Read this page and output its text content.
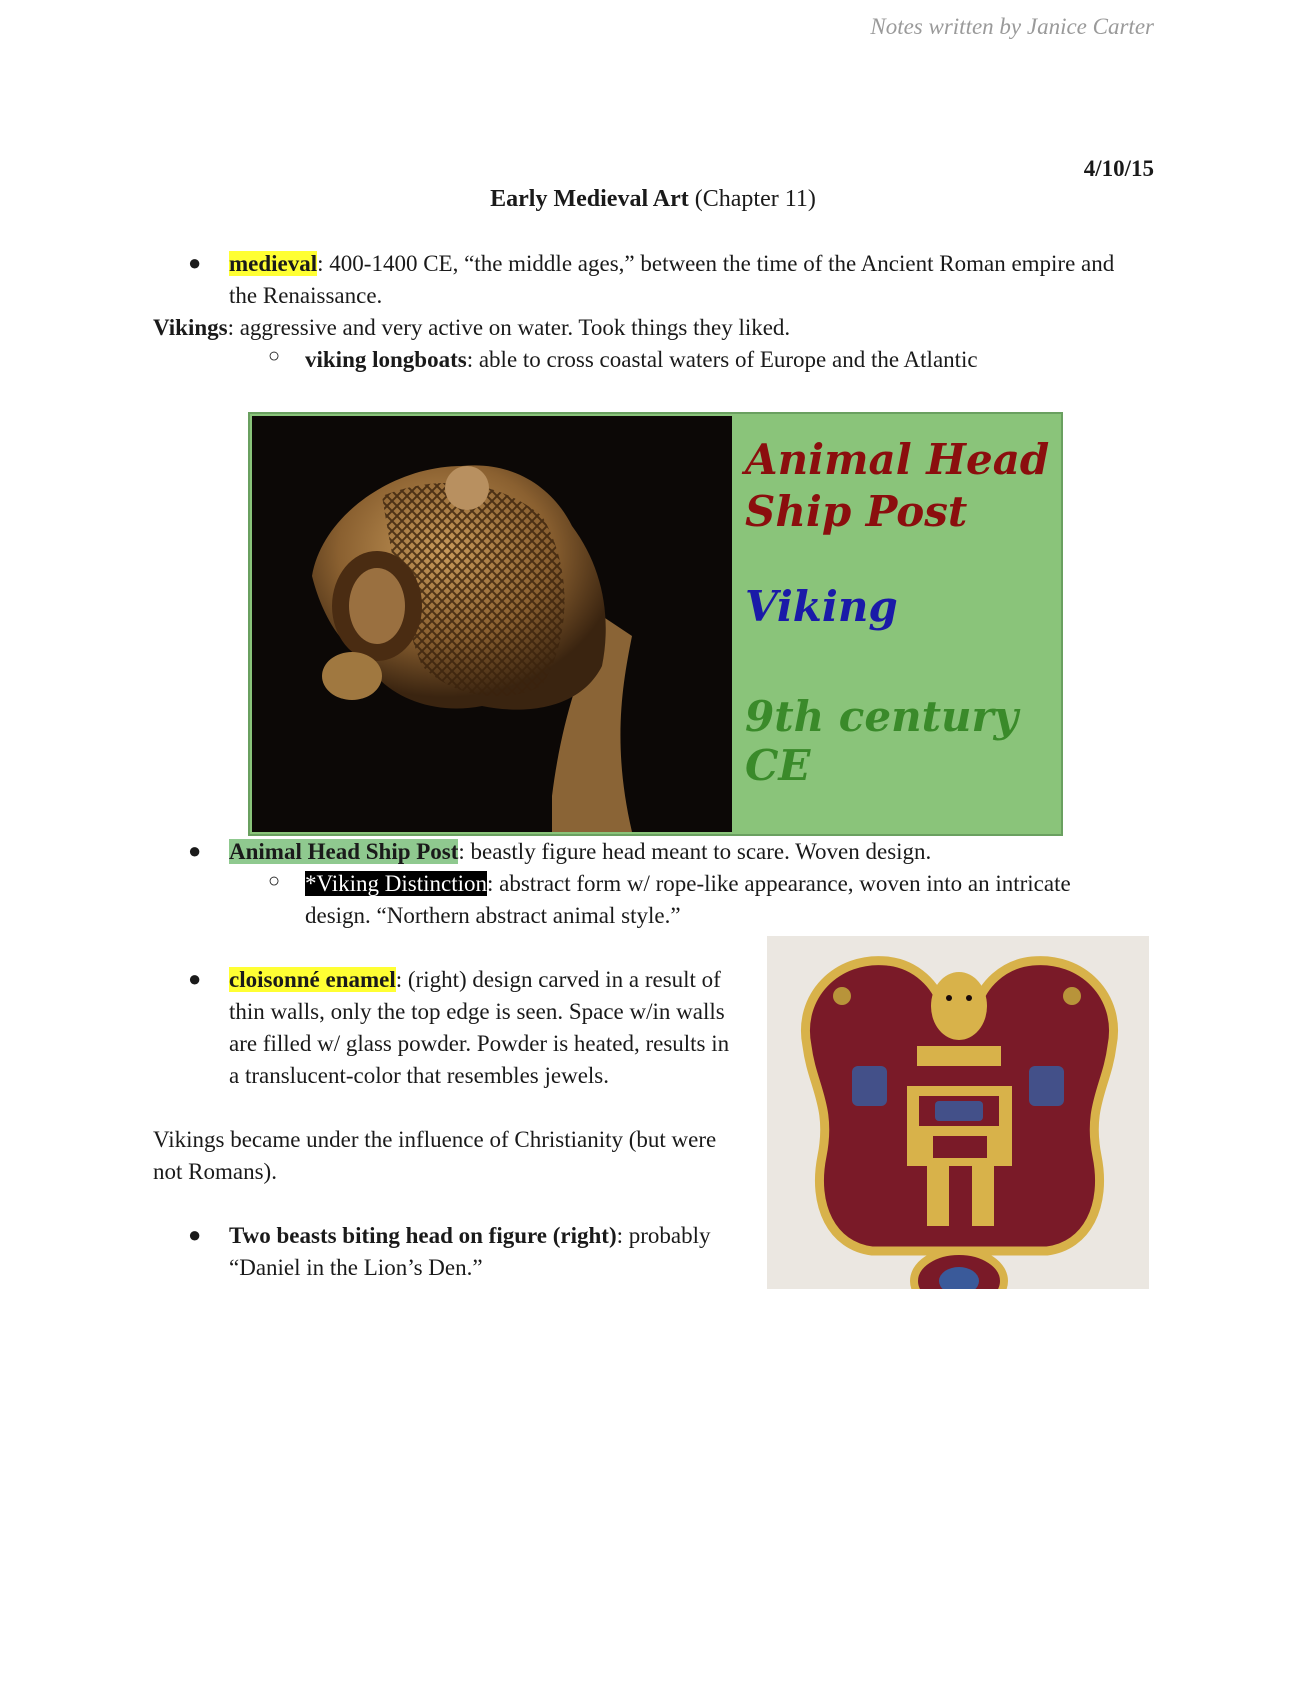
Notes written by Janice Carter
4/10/15
Early Medieval Art (Chapter 11)
● medieval: 400-1400 CE, “the middle ages,” between the time of the Ancient Roman empire and
the Renaissance.
Vikings: aggressive and very active on water. Took things they liked.
○ viking longboats: able to cross coastal waters of Europe and the Atlantic
Animal Head
Ship Post
Viking
9th century CE
● Animal Head Ship Post: beastly figure head meant to scare. Woven design.
○ *Viking Distinction: abstract form w/ rope-like appearance, woven into an intricate
design. “Northern abstract animal style.”
● cloisonné enamel: (right) design carved in a result of
thin walls, only the top edge is seen. Space w/in walls
are filled w/ glass powder. Powder is heated, results in
a translucent-color that resembles jewels.
Vikings became under the influence of Christianity (but were
not Romans).
● Two beasts biting head on figure (right): probably
“Daniel in the Lion’s Den.”
